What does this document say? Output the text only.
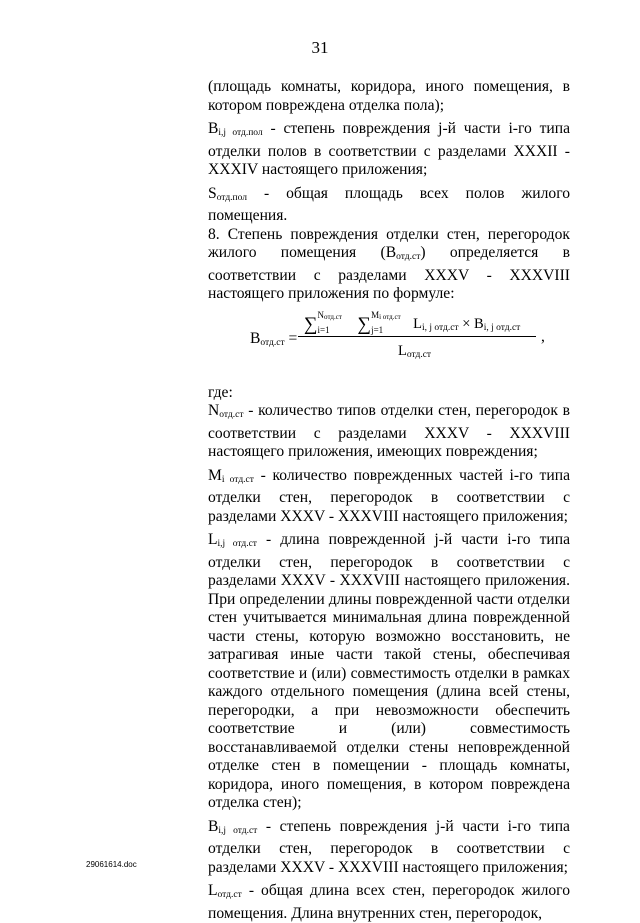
31

(площадь комнаты, коридора, иного помещения, в котором повреждена отделка пола);

$B_{i,j отд.пол}$ - степень повреждения j-й части i-го типа отделки полов в соответствии с разделами XXXII - XXXIV настоящего приложения;

$S_{отд.пол}$ - общая площадь всех полов жилого помещения.

8. Степень повреждения отделки стен, перегородок жилого помещения $(B_{отд.ст})$ определяется в соответствии с разделами XXXV - XXXVIII настоящего приложения по формуле:

$B_{отд.ст}$ =
∑ Nотд.ст
i=1 ∑ Mi отд.ст
j=1 $L_{i, j отд.ст} \times B_{i, j отд.ст}$
$L_{отд.ст}$
,

где:

$N_{отд.ст}$ - количество типов отделки стен, перегородок в соответствии с разделами XXXV - XXXVIII настоящего приложения, имеющих повреждения;

$M_{i отд.ст}$ - количество поврежденных частей i-го типа отделки стен, перегородок в соответствии с разделами XXXV - XXXVIII настоящего приложения;

$L_{i,j отд.ст}$ - длина поврежденной j-й части i-го типа отделки стен, перегородок в соответствии с разделами XXXV - XXXVIII настоящего приложения. При определении длины поврежденной части отделки стен учитывается минимальная длина поврежденной части стены, которую возможно восстановить, не затрагивая иные части такой стены, обеспечивая соответствие и (или) совместимость отделки в рамках каждого отдельного помещения (длина всей стены, перегородки, а при невозможности обеспечить соответствие и (или) совместимость восстанавливаемой отделки стены неповрежденной отделке стен в помещении - площадь комнаты, коридора, иного помещения, в котором повреждена отделка стен);

$B_{i,j отд.ст}$ - степень повреждения j-й части i-го типа отделки стен, перегородок в соответствии с разделами XXXV - XXXVIII настоящего приложения;

$L_{отд.ст}$ - общая длина всех стен, перегородок жилого помещения. Длина внутренних стен, перегородок,

29061614.doc
